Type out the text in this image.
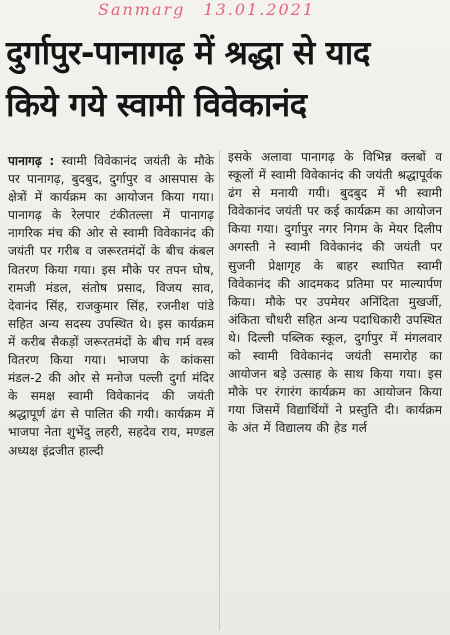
Sanmarg 13.01.2021
दुर्गापुर-पानागढ़ में श्रद्धा से याद
किये गये स्वामी विवेकानंद

पानागढ़ : स्वामी विवेकानंद जयंती के मौके पर पानागढ़, बुदबुद, दुर्गापुर व आसपास के क्षेत्रों में कार्यक्रम का आयोजन किया गया। पानागढ़ के रेलपार टंकीतल्ला में पानागढ़ नागरिक मंच की ओर से स्वामी विवेकानंद की जयंती पर गरीब व जरूरतमंदों के बीच कंबल वितरण किया गया। इस मौके पर तपन घोष, रामजी मंडल, संतोष प्रसाद, विजय साव, देवानंद सिंह, राजकुमार सिंह, रजनीश पांडे सहित अन्य सदस्य उपस्थित थे। इस कार्यक्रम में करीब सैकड़ों जरूरतमंदों के बीच गर्म वस्त्र वितरण किया गया। भाजपा के कांकसा मंडल-2 की ओर से मनोज पल्ली दुर्गा मंदिर के समक्ष स्वामी विवेकानंद की जयंती श्रद्धापूर्ण ढंग से पालित की गयी। कार्यक्रम में भाजपा नेता शुभेंदु लहरी, सहदेव राय, मण्डल अध्यक्ष इंद्रजीत हाल्दी

इसके अलावा पानागढ़ के विभिन्न क्लबों व स्कूलों में स्वामी विवेकानंद की जयंती श्रद्धापूर्वक ढंग से मनायी गयी। बुदबुद में भी स्वामी विवेकानंद जयंती पर कई कार्यक्रम का आयोजन किया गया। दुर्गापुर नगर निगम के मेयर दिलीप अगस्ती ने स्वामी विवेकानंद की जयंती पर सुजनी प्रेक्षागृह के बाहर स्थापित स्वामी विवेकानंद की आदमकद प्रतिमा पर माल्यार्पण किया। मौके पर उपमेयर अनिंदिता मुखर्जी, अंकिता चौधरी सहित अन्य पदाधिकारी उपस्थित थे। दिल्ली पब्लिक स्कूल, दुर्गापुर में मंगलवार को स्वामी विवेकानंद जयंती समारोह का आयोजन बड़े उत्साह के साथ किया गया। इस मौके पर रंगारंग कार्यक्रम का आयोजन किया गया जिसमें विद्यार्थियों ने प्रस्तुति दी। कार्यक्रम के अंत में विद्यालय की हेड गर्ल
